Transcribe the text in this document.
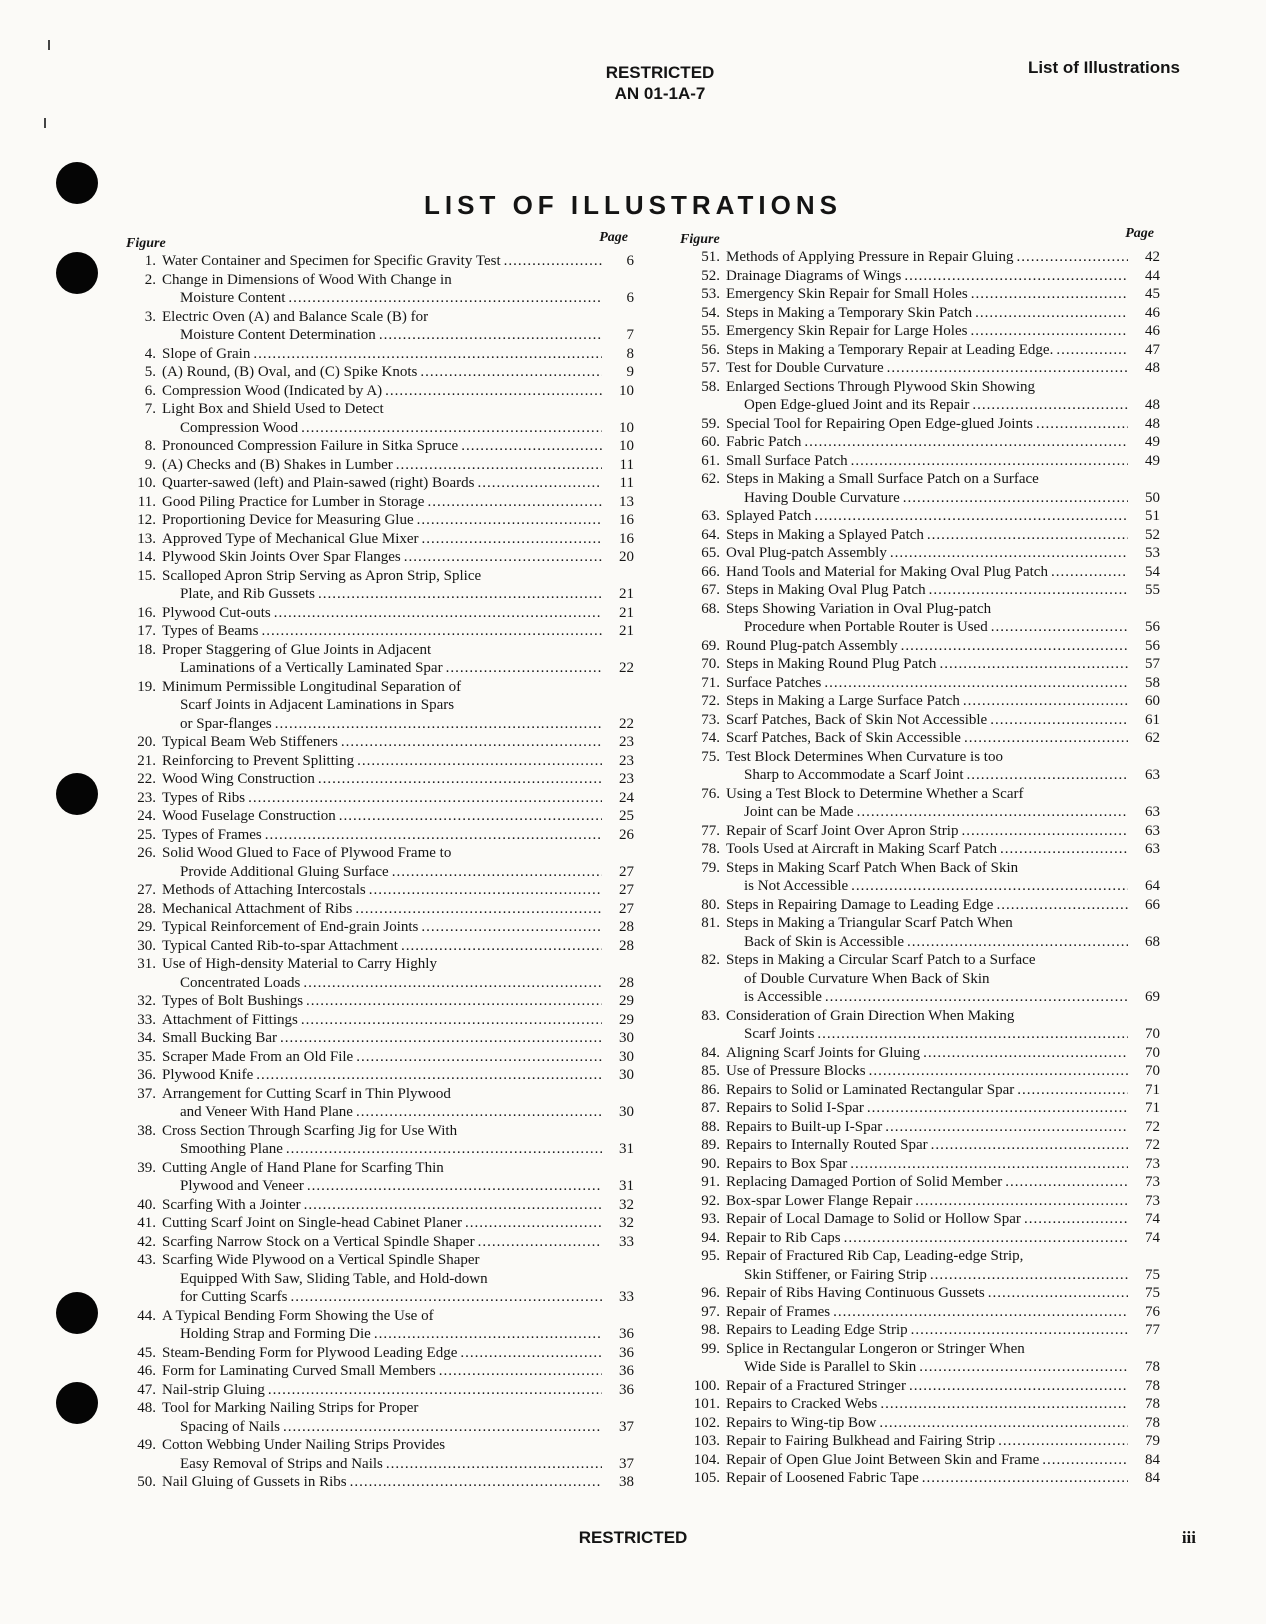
RESTRICTED
AN 01-1A-7
List of Illustrations
LIST OF ILLUSTRATIONS
Figure	Page
1. Water Container and Specimen for Specific Gravity Test .....	6
2. Change in Dimensions of Wood With Change in
Moisture Content .....	6
3. Electric Oven (A) and Balance Scale (B) for
Moisture Content Determination .....	7
4. Slope of Grain .....	8
5. (A) Round, (B) Oval, and (C) Spike Knots .....	9
6. Compression Wood (Indicated by A) .....	10
7. Light Box and Shield Used to Detect
Compression Wood .....	10
8. Pronounced Compression Failure in Sitka Spruce .....	10
9. (A) Checks and (B) Shakes in Lumber .....	11
10. Quarter-sawed (left) and Plain-sawed (right) Boards .....	11
11. Good Piling Practice for Lumber in Storage .....	13
12. Proportioning Device for Measuring Glue .....	16
13. Approved Type of Mechanical Glue Mixer .....	16
14. Plywood Skin Joints Over Spar Flanges .....	20
15. Scalloped Apron Strip Serving as Apron Strip, Splice
Plate, and Rib Gussets .....	21
16. Plywood Cut-outs .....	21
17. Types of Beams .....	21
18. Proper Staggering of Glue Joints in Adjacent
Laminations of a Vertically Laminated Spar .....	22
19. Minimum Permissible Longitudinal Separation of
Scarf Joints in Adjacent Laminations in Spars
or Spar-flanges .....	22
20. Typical Beam Web Stiffeners .....	23
21. Reinforcing to Prevent Splitting .....	23
22. Wood Wing Construction .....	23
23. Types of Ribs .....	24
24. Wood Fuselage Construction .....	25
25. Types of Frames .....	26
26. Solid Wood Glued to Face of Plywood Frame to
Provide Additional Gluing Surface .....	27
27. Methods of Attaching Intercostals .....	27
28. Mechanical Attachment of Ribs .....	27
29. Typical Reinforcement of End-grain Joints .....	28
30. Typical Canted Rib-to-spar Attachment .....	28
31. Use of High-density Material to Carry Highly
Concentrated Loads .....	28
32. Types of Bolt Bushings .....	29
33. Attachment of Fittings .....	29
34. Small Bucking Bar .....	30
35. Scraper Made From an Old File .....	30
36. Plywood Knife .....	30
37. Arrangement for Cutting Scarf in Thin Plywood
and Veneer With Hand Plane .....	30
38. Cross Section Through Scarfing Jig for Use With
Smoothing Plane .....	31
39. Cutting Angle of Hand Plane for Scarfing Thin
Plywood and Veneer .....	31
40. Scarfing With a Jointer .....	32
41. Cutting Scarf Joint on Single-head Cabinet Planer .....	32
42. Scarfing Narrow Stock on a Vertical Spindle Shaper .....	33
43. Scarfing Wide Plywood on a Vertical Spindle Shaper
Equipped With Saw, Sliding Table, and Hold-down
for Cutting Scarfs .....	33
44. A Typical Bending Form Showing the Use of
Holding Strap and Forming Die .....	36
45. Steam-Bending Form for Plywood Leading Edge .....	36
46. Form for Laminating Curved Small Members .....	36
47. Nail-strip Gluing .....	36
48. Tool for Marking Nailing Strips for Proper
Spacing of Nails .....	37
49. Cotton Webbing Under Nailing Strips Provides
Easy Removal of Strips and Nails .....	37
50. Nail Gluing of Gussets in Ribs .....	38
Figure	Page
51. Methods of Applying Pressure in Repair Gluing .....	42
52. Drainage Diagrams of Wings .....	44
53. Emergency Skin Repair for Small Holes .....	45
54. Steps in Making a Temporary Skin Patch .....	46
55. Emergency Skin Repair for Large Holes .....	46
56. Steps in Making a Temporary Repair at Leading Edge. .....	47
57. Test for Double Curvature .....	48
58. Enlarged Sections Through Plywood Skin Showing
Open Edge-glued Joint and its Repair .....	48
59. Special Tool for Repairing Open Edge-glued Joints .....	48
60. Fabric Patch .....	49
61. Small Surface Patch .....	49
62. Steps in Making a Small Surface Patch on a Surface
Having Double Curvature .....	50
63. Splayed Patch .....	51
64. Steps in Making a Splayed Patch .....	52
65. Oval Plug-patch Assembly .....	53
66. Hand Tools and Material for Making Oval Plug Patch .....	54
67. Steps in Making Oval Plug Patch .....	55
68. Steps Showing Variation in Oval Plug-patch
Procedure when Portable Router is Used .....	56
69. Round Plug-patch Assembly .....	56
70. Steps in Making Round Plug Patch .....	57
71. Surface Patches .....	58
72. Steps in Making a Large Surface Patch .....	60
73. Scarf Patches, Back of Skin Not Accessible .....	61
74. Scarf Patches, Back of Skin Accessible .....	62
75. Test Block Determines When Curvature is too
Sharp to Accommodate a Scarf Joint .....	63
76. Using a Test Block to Determine Whether a Scarf
Joint can be Made .....	63
77. Repair of Scarf Joint Over Apron Strip .....	63
78. Tools Used at Aircraft in Making Scarf Patch .....	63
79. Steps in Making Scarf Patch When Back of Skin
is Not Accessible .....	64
80. Steps in Repairing Damage to Leading Edge .....	66
81. Steps in Making a Triangular Scarf Patch When
Back of Skin is Accessible .....	68
82. Steps in Making a Circular Scarf Patch to a Surface
of Double Curvature When Back of Skin
is Accessible .....	69
83. Consideration of Grain Direction When Making
Scarf Joints .....	70
84. Aligning Scarf Joints for Gluing .....	70
85. Use of Pressure Blocks .....	70
86. Repairs to Solid or Laminated Rectangular Spar .....	71
87. Repairs to Solid I-Spar .....	71
88. Repairs to Built-up I-Spar .....	72
89. Repairs to Internally Routed Spar .....	72
90. Repairs to Box Spar .....	73
91. Replacing Damaged Portion of Solid Member .....	73
92. Box-spar Lower Flange Repair .....	73
93. Repair of Local Damage to Solid or Hollow Spar .....	74
94. Repair to Rib Caps .....	74
95. Repair of Fractured Rib Cap, Leading-edge Strip,
Skin Stiffener, or Fairing Strip .....	75
96. Repair of Ribs Having Continuous Gussets .....	75
97. Repair of Frames .....	76
98. Repairs to Leading Edge Strip .....	77
99. Splice in Rectangular Longeron or Stringer When
Wide Side is Parallel to Skin .....	78
100. Repair of a Fractured Stringer .....	78
101. Repairs to Cracked Webs .....	78
102. Repairs to Wing-tip Bow .....	78
103. Repair to Fairing Bulkhead and Fairing Strip .....	79
104. Repair of Open Glue Joint Between Skin and Frame .....	84
105. Repair of Loosened Fabric Tape .....	84
RESTRICTED	iii
